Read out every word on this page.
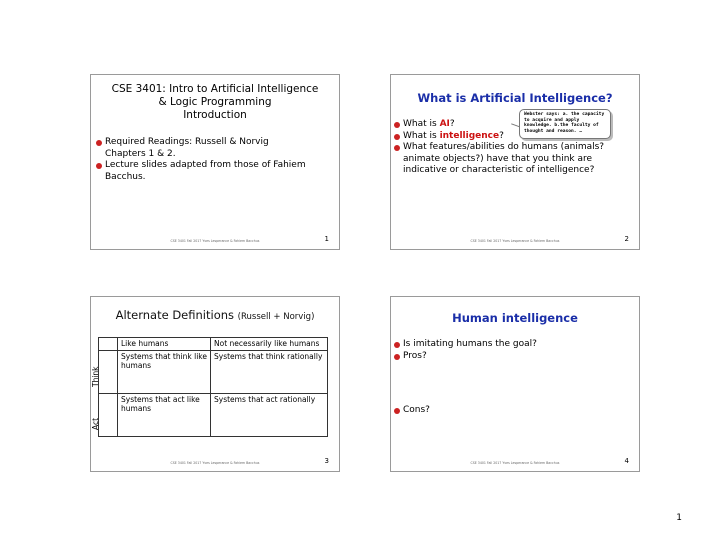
CSE 3401: Intro to Artificial Intelligence
& Logic Programming
Introduction
Required Readings: Russell & Norvig Chapters 1 & 2.
Lecture slides adapted from those of Fahiem Bacchus.
CSE 3401 Fall 2017 Yves Lesperance & Fahiem Bacchus	1
What is Artificial Intelligence?
Webster says: a. the capacity to acquire and apply knowledge. b.the faculty of thought and reason. …
What is AI?
What is intelligence?
What features/abilities do humans (animals? animate objects?) have that you think are indicative or characteristic of intelligence?
CSE 3401 Fall 2017 Yves Lesperance & Fahiem Bacchus	2
Alternate Definitions (Russell + Norvig)
	Like humans	Not necessarily like humans

Think	Systems that think like humans	Systems that think rationally

Act	Systems that act like humans	Systems that act rationally
CSE 3401 Fall 2017 Yves Lesperance & Fahiem Bacchus	3
Human intelligence
Is imitating humans the goal?
Pros?
Cons?
CSE 3401 Fall 2017 Yves Lesperance & Fahiem Bacchus	4
1
